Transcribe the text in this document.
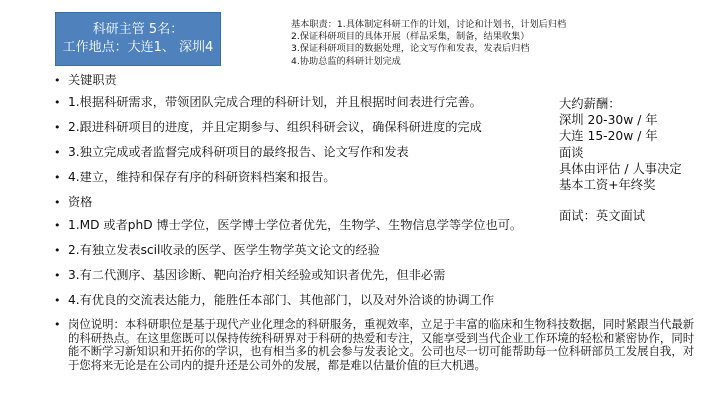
科研主管 5名：
工作地点：大连1、 深圳4
基本职责：1.具体制定科研工作的计划，讨论和计划书，计划后归档
2.保证科研项目的具体开展（样品采集，制备，结果收集）
3.保证科研项目的数据处理，论文写作和发表，发表后归档
4.协助总监的科研计划完成
• 关键职责
• 1.根据科研需求，带领团队完成合理的科研计划，并且根据时间表进行完善。
• 2.跟进科研项目的进度，并且定期参与、组织科研会议，确保科研进度的完成
• 3.独立完成或者监督完成科研项目的最终报告、论文写作和发表
• 4.建立，维持和保存有序的科研资料档案和报告。
• 资格
• 1.MD 或者phD 博士学位，医学博士学位者优先，生物学、生物信息学等学位也可。
• 2.有独立发表scil收录的医学、医学生物学英文论文的经验
• 3.有二代测序、基因诊断、靶向治疗相关经验或知识者优先，但非必需
• 4.有优良的交流表达能力，能胜任本部门、其他部门，以及对外洽谈的协调工作
大约薪酬：
深圳 20-30w / 年
大连 15-20w / 年
面谈
具体由评估 / 人事决定
基本工资+年终奖
面试：英文面试
• 岗位说明：本科研职位是基于现代产业化理念的科研服务，重视效率，立足于丰富的临床和生物科技数据，同时紧跟当代最新的科研热点。在这里您既可以保持传统科研界对于科研的热爱和专注，又能享受到当代企业工作环境的轻松和紧密协作，同时能不断学习新知识和开拓你的学识，也有相当多的机会参与发表论文。公司也尽一切可能帮助每一位科研部员工发展自我，对于您将来无论是在公司内的提升还是公司外的发展，都是难以估量价值的巨大机遇。
